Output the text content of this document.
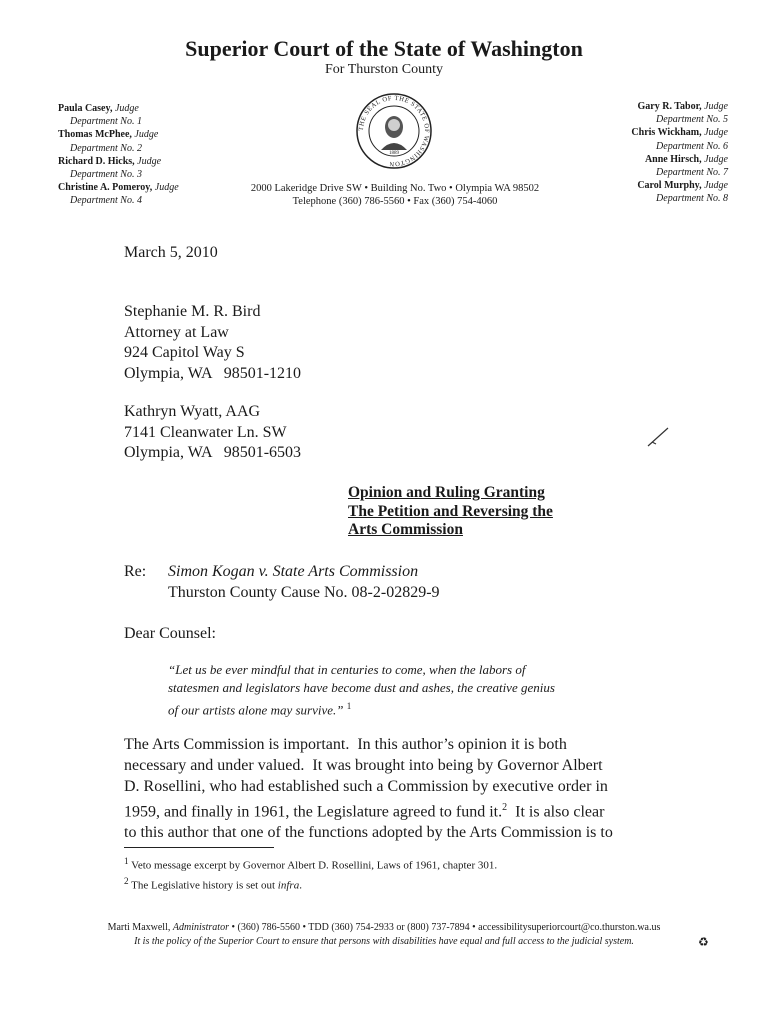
Superior Court of the State of Washington
For Thurston County
Paula Casey, Judge
Department No. 1
Thomas McPhee, Judge
Department No. 2
Richard D. Hicks, Judge
Department No. 3
Christine A. Pomeroy, Judge
Department No. 4
THE SEAL OF THE STATE OF WASHINGTON
1889
Gary R. Tabor, Judge
Department No. 5
Chris Wickham, Judge
Department No. 6
Anne Hirsch, Judge
Department No. 7
Carol Murphy, Judge
Department No. 8
2000 Lakeridge Drive SW • Building No. Two • Olympia WA 98502
Telephone (360) 786-5560 • Fax (360) 754-4060
March 5, 2010
Stephanie M. R. Bird
Attorney at Law
924 Capitol Way S
Olympia, WA   98501-1210
Kathryn Wyatt, AAG
7141 Cleanwater Ln. SW
Olympia, WA   98501-6503
Opinion and Ruling Granting
The Petition and Reversing the
Arts Commission
Re: Simon Kogan v. State Arts Commission
Thurston County Cause No. 08-2-02829-9
Dear Counsel:
“Let us be ever mindful that in centuries to come, when the labors of
statesmen and legislators have become dust and ashes, the creative genius
of our artists alone may survive.” $^1$
The Arts Commission is important.  In this author’s opinion it is both
necessary and under valued.  It was brought into being by Governor Albert
D. Rosellini, who had established such a Commission by executive order in
1959, and finally in 1961, the Legislature agreed to fund it.$^2$  It is also clear
to this author that one of the functions adopted by the Arts Commission is to
$^1$ Veto message excerpt by Governor Albert D. Rosellini, Laws of 1961, chapter 301.
$^2$ The Legislative history is set out infra.
Marti Maxwell, Administrator • (360) 786-5560 • TDD (360) 754-2933 or (800) 737-7894 • accessibilitysuperiorcourt@co.thurston.wa.us
It is the policy of the Superior Court to ensure that persons with disabilities have equal and full access to the judicial system.	♻
